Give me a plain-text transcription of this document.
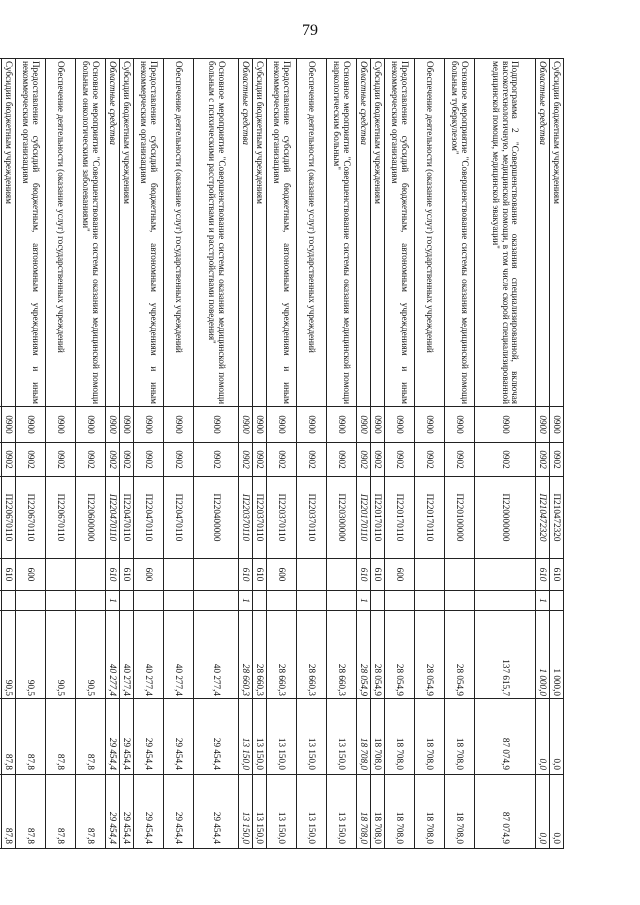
79
Субсидии бюджетным учреждениям	0900	0902	П210472320	610		1 000,0	0,0	0,0
Областные средства	0900	0902	П210472320	610	1	1 000,0	0,0	0,0
Подпрограмма 2 "Совершенствование оказания специализированной, включая высокотехнологичную, медицинской помощи, в том числе скорой специализированной медицинской помощи, медицинской эвакуации"	0900	0902	П220000000			137 615,7	87 074,9	87 074,9
Основное мероприятие "Совершенствование системы оказания медицинской помощи больным туберкулезом"	0900	0902	П220100000			28 054,9	18 708,0	18 708,0
Обеспечение деятельности (оказание услуг) государственных учреждений	0900	0902	П220170110			28 054,9	18 708,0	18 708,0
Предоставление субсидий бюджетным, автономным учреждениям и иным некоммерческим организациям	0900	0902	П220170110	600		28 054,9	18 708,0	18 708,0
Субсидии бюджетным учреждениям	0900	0902	П220170110	610		28 054,9	18 708,0	18 708,0
Областные средства	0900	0902	П220170110	610	1	28 054,9	18 708,0	18 708,0
Основное мероприятие "Совершенствование системы оказания медицинской помощи наркологическим больным"	0900	0902	П220300000			28 660,3	13 150,0	13 150,0
Обеспечение деятельности (оказание услуг) государственных учреждений	0900	0902	П220370110			28 660,3	13 150,0	13 150,0
Предоставление субсидий бюджетным, автономным учреждениям и иным некоммерческим организациям	0900	0902	П220370110	600		28 660,3	13 150,0	13 150,0
Субсидии бюджетным учреждениям	0900	0902	П220370110	610		28 660,3	13 150,0	13 150,0
Областные средства	0900	0902	П220370110	610	1	28 660,3	13 150,0	13 150,0
Основное мероприятие "Совершенствование системы оказания медицинской помощи больным с психическими расстройствами и расстройствами поведения"	0900	0902	П220400000			40 277,4	29 454,4	29 454,4
Обеспечение деятельности (оказание услуг) государственных учреждений	0900	0902	П220470110			40 277,4	29 454,4	29 454,4
Предоставление субсидий бюджетным, автономным учреждениям и иным некоммерческим организациям	0900	0902	П220470110	600		40 277,4	29 454,4	29 454,4
Субсидии бюджетным учреждениям	0900	0902	П220470110	610		40 277,4	29 454,4	29 454,4
Областные средства	0900	0902	П220470110	610	1	40 277,4	29 454,4	29 454,4
Основное мероприятие "Совершенствование системы оказания медицинской помощи больным онкологическими заболеваниями"	0900	0902	П220600000			90,5	87,8	87,8
Обеспечение деятельности (оказание услуг) государственных учреждений	0900	0902	П220670110			90,5	87,8	87,8
Предоставление субсидий бюджетным, автономным учреждениям и иным некоммерческим организациям	0900	0902	П220670110	600		90,5	87,8	87,8
Субсидии бюджетным учреждениям	0900	0902	П220670110	610		90,5	87,8	87,8
